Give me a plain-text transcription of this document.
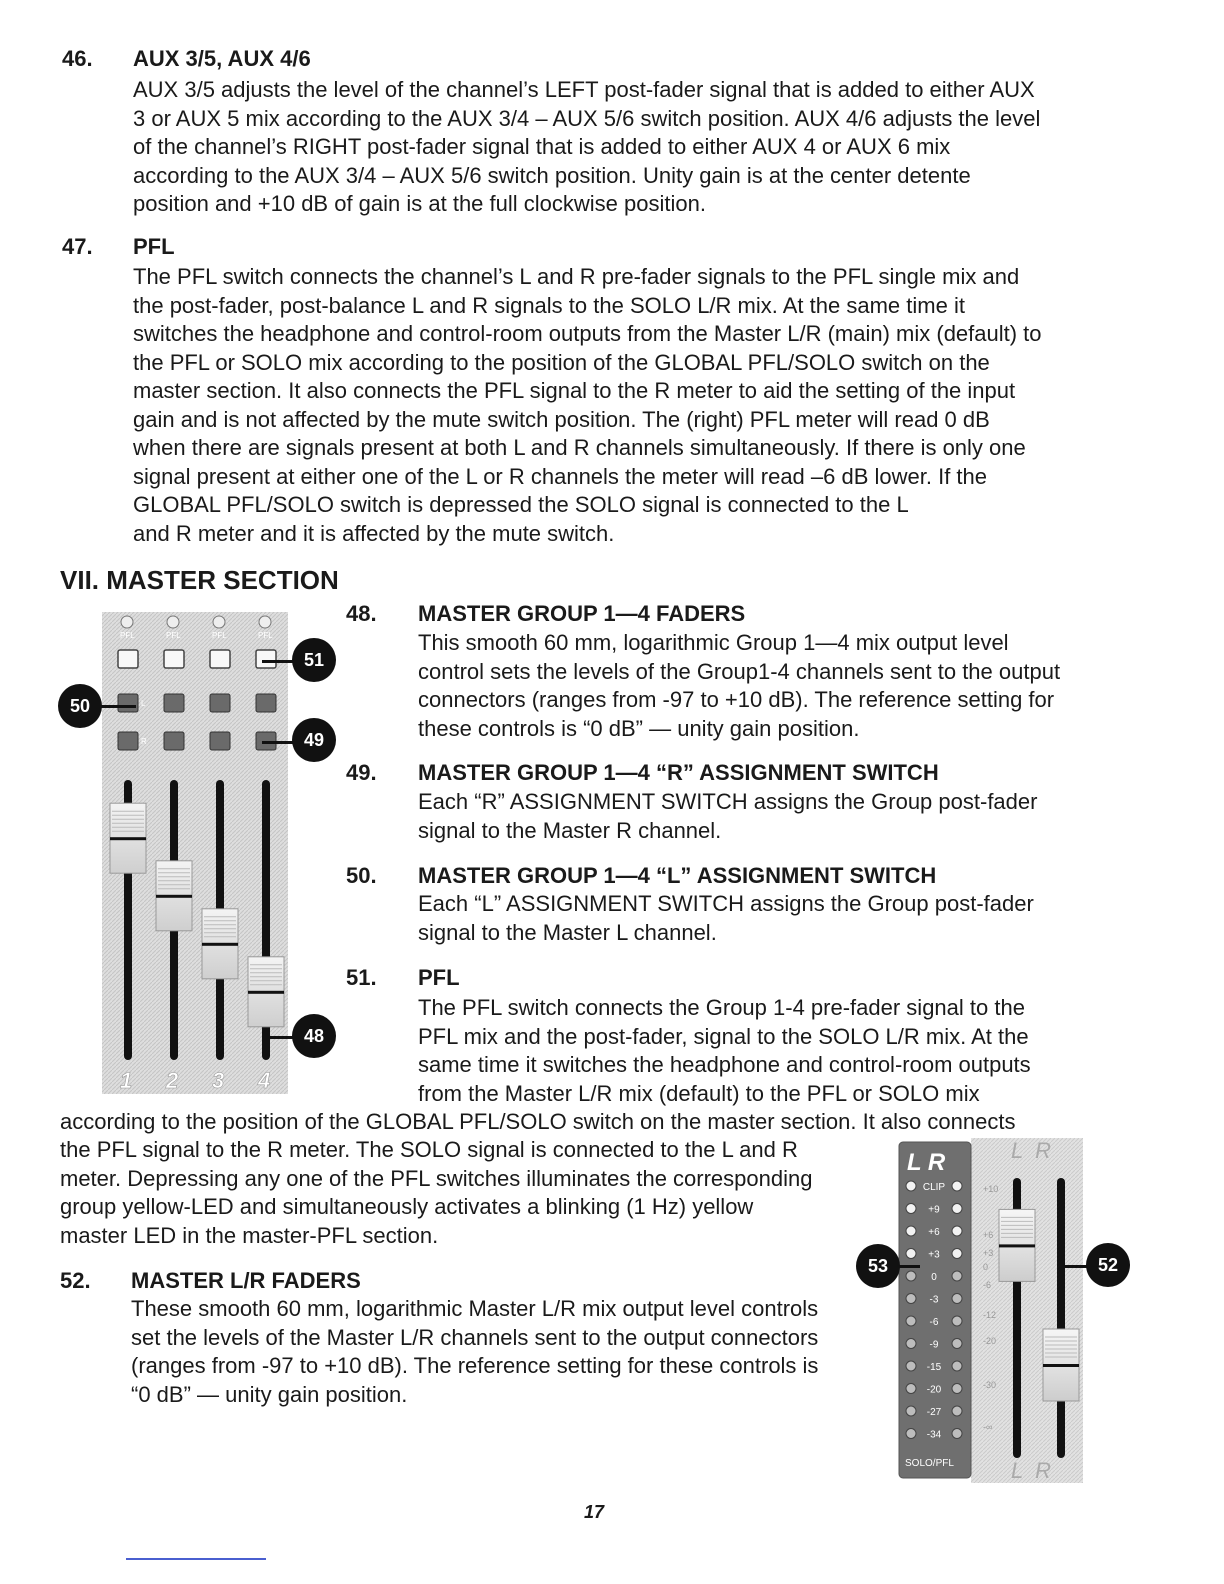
46. AUX 3/5, AUX 4/6
AUX 3/5 adjusts the level of the channel’s LEFT post-fader signal that is added to either AUX
3 or AUX 5 mix according to the AUX 3/4 – AUX 5/6 switch position. AUX 4/6 adjusts the level
of the channel’s RIGHT post-fader signal that is added to either AUX 4 or AUX 6 mix
according to the AUX 3/4 – AUX 5/6 switch position. Unity gain is at the center detente
position and +10 dB of gain is at the full clockwise position.
47. PFL
The PFL switch connects the channel’s L and R pre-fader signals to the PFL single mix and
the post-fader, post-balance L and R signals to the SOLO L/R mix. At the same time it
switches the headphone and control-room outputs from the Master L/R (main) mix (default) to
the PFL or SOLO mix according to the position of the GLOBAL PFL/SOLO switch on the
master section. It also connects the PFL signal to the R meter to aid the setting of the input
gain and is not affected by the mute switch position. The (right) PFL meter will read 0 dB
when there are signals present at both L and R channels simultaneously. If there is only one
signal present at either one of the L or R channels the meter will read –6 dB lower. If the
GLOBAL PFL/SOLO switch is depressed the SOLO signal is connected to the L
and R meter and it is affected by the mute switch.
VII. MASTER SECTION
PFL	PFL	PFL	PFL
L
R
1 2 3 4
51
50
49
48
48. MASTER GROUP 1—4 FADERS
This smooth 60 mm, logarithmic Group 1—4 mix output level
control sets the levels of the Group1-4 channels sent to the output
connectors (ranges from -97 to +10 dB). The reference setting for
these controls is “0 dB” — unity gain position.
49. MASTER GROUP 1—4 “R” ASSIGNMENT SWITCH
Each “R” ASSIGNMENT SWITCH assigns the Group post-fader
signal to the Master R channel.
50. MASTER GROUP 1—4 “L” ASSIGNMENT SWITCH
Each “L” ASSIGNMENT SWITCH assigns the Group post-fader
signal to the Master L channel.
51. PFL
The PFL switch connects the Group 1-4 pre-fader signal to the
PFL mix and the post-fader, signal to the SOLO L/R mix. At the
same time it switches the headphone and control-room outputs
from the Master L/R mix (default) to the PFL or SOLO mix
according to the position of the GLOBAL PFL/SOLO switch on the master section. It also connects
the PFL signal to the R meter. The SOLO signal is connected to the L and R
meter. Depressing any one of the PFL switches illuminates the corresponding
group yellow-LED and simultaneously activates a blinking (1 Hz) yellow
master LED in the master-PFL section.
52. MASTER L/R FADERS
These smooth 60 mm, logarithmic Master L/R mix output level controls
set the levels of the Master L/R channels sent to the output connectors
(ranges from -97 to +10 dB). The reference setting for these controls is
“0 dB” — unity gain position.
L R
CLIP
+9
+6
+3
0
-3
-6
-9
-15
-20
-27
-34
SOLO/PFL
L  R
L  R
+10
+6
+3
0
-6
-12
-20
-30
-∞
53	52
17
